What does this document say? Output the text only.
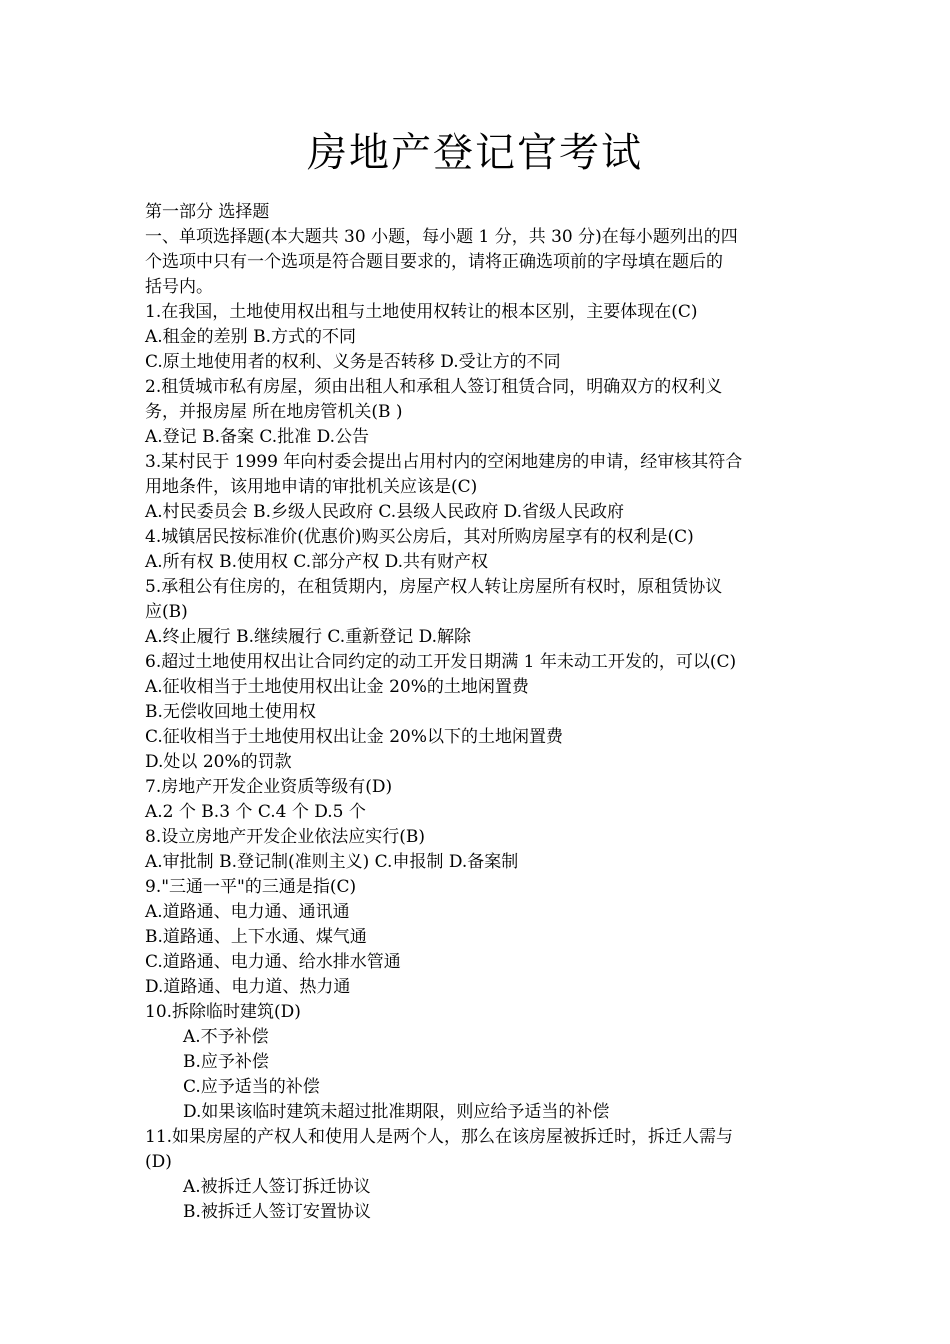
房地产登记官考试
第一部分 选择题
一、单项选择题(本大题共 30 小题，每小题 1 分，共 30 分)在每小题列出的四
个选项中只有一个选项是符合题目要求的，请将正确选项前的字母填在题后的
括号内。
1.在我国，土地使用权出租与土地使用权转让的根本区别，主要体现在(C)
A.租金的差别 B.方式的不同
C.原土地使用者的权利、义务是否转移 D.受让方的不同
2.租赁城市私有房屋，须由出租人和承租人签订租赁合同，明确双方的权利义
务，并报房屋 所在地房管机关(B )
A.登记 B.备案 C.批准 D.公告
3.某村民于 1999 年向村委会提出占用村内的空闲地建房的申请，经审核其符合
用地条件，该用地申请的审批机关应该是(C)
A.村民委员会 B.乡级人民政府 C.县级人民政府 D.省级人民政府
4.城镇居民按标准价(优惠价)购买公房后，其对所购房屋享有的权利是(C)
A.所有权 B.使用权 C.部分产权 D.共有财产权
5.承租公有住房的，在租赁期内，房屋产权人转让房屋所有权时，原租赁协议
应(B)
A.终止履行 B.继续履行 C.重新登记 D.解除
6.超过土地使用权出让合同约定的动工开发日期满 1 年未动工开发的，可以(C)
A.征收相当于土地使用权出让金 20%的土地闲置费
B.无偿收回地土使用权
C.征收相当于土地使用权出让金 20%以下的土地闲置费
D.处以 20%的罚款
7.房地产开发企业资质等级有(D)
A.2 个 B.3 个 C.4 个 D.5 个
8.设立房地产开发企业依法应实行(B)
A.审批制 B.登记制(准则主义) C.申报制 D.备案制
9."三通一平"的三通是指(C)
A.道路通、电力通、通讯通
B.道路通、上下水通、煤气通
C.道路通、电力通、给水排水管通
D.道路通、电力道、热力通
10.拆除临时建筑(D)
A.不予补偿
B.应予补偿
C.应予适当的补偿
D.如果该临时建筑未超过批准期限，则应给予适当的补偿
11.如果房屋的产权人和使用人是两个人，那么在该房屋被拆迁时，拆迁人需与
(D)
A.被拆迁人签订拆迁协议
B.被拆迁人签订安置协议
